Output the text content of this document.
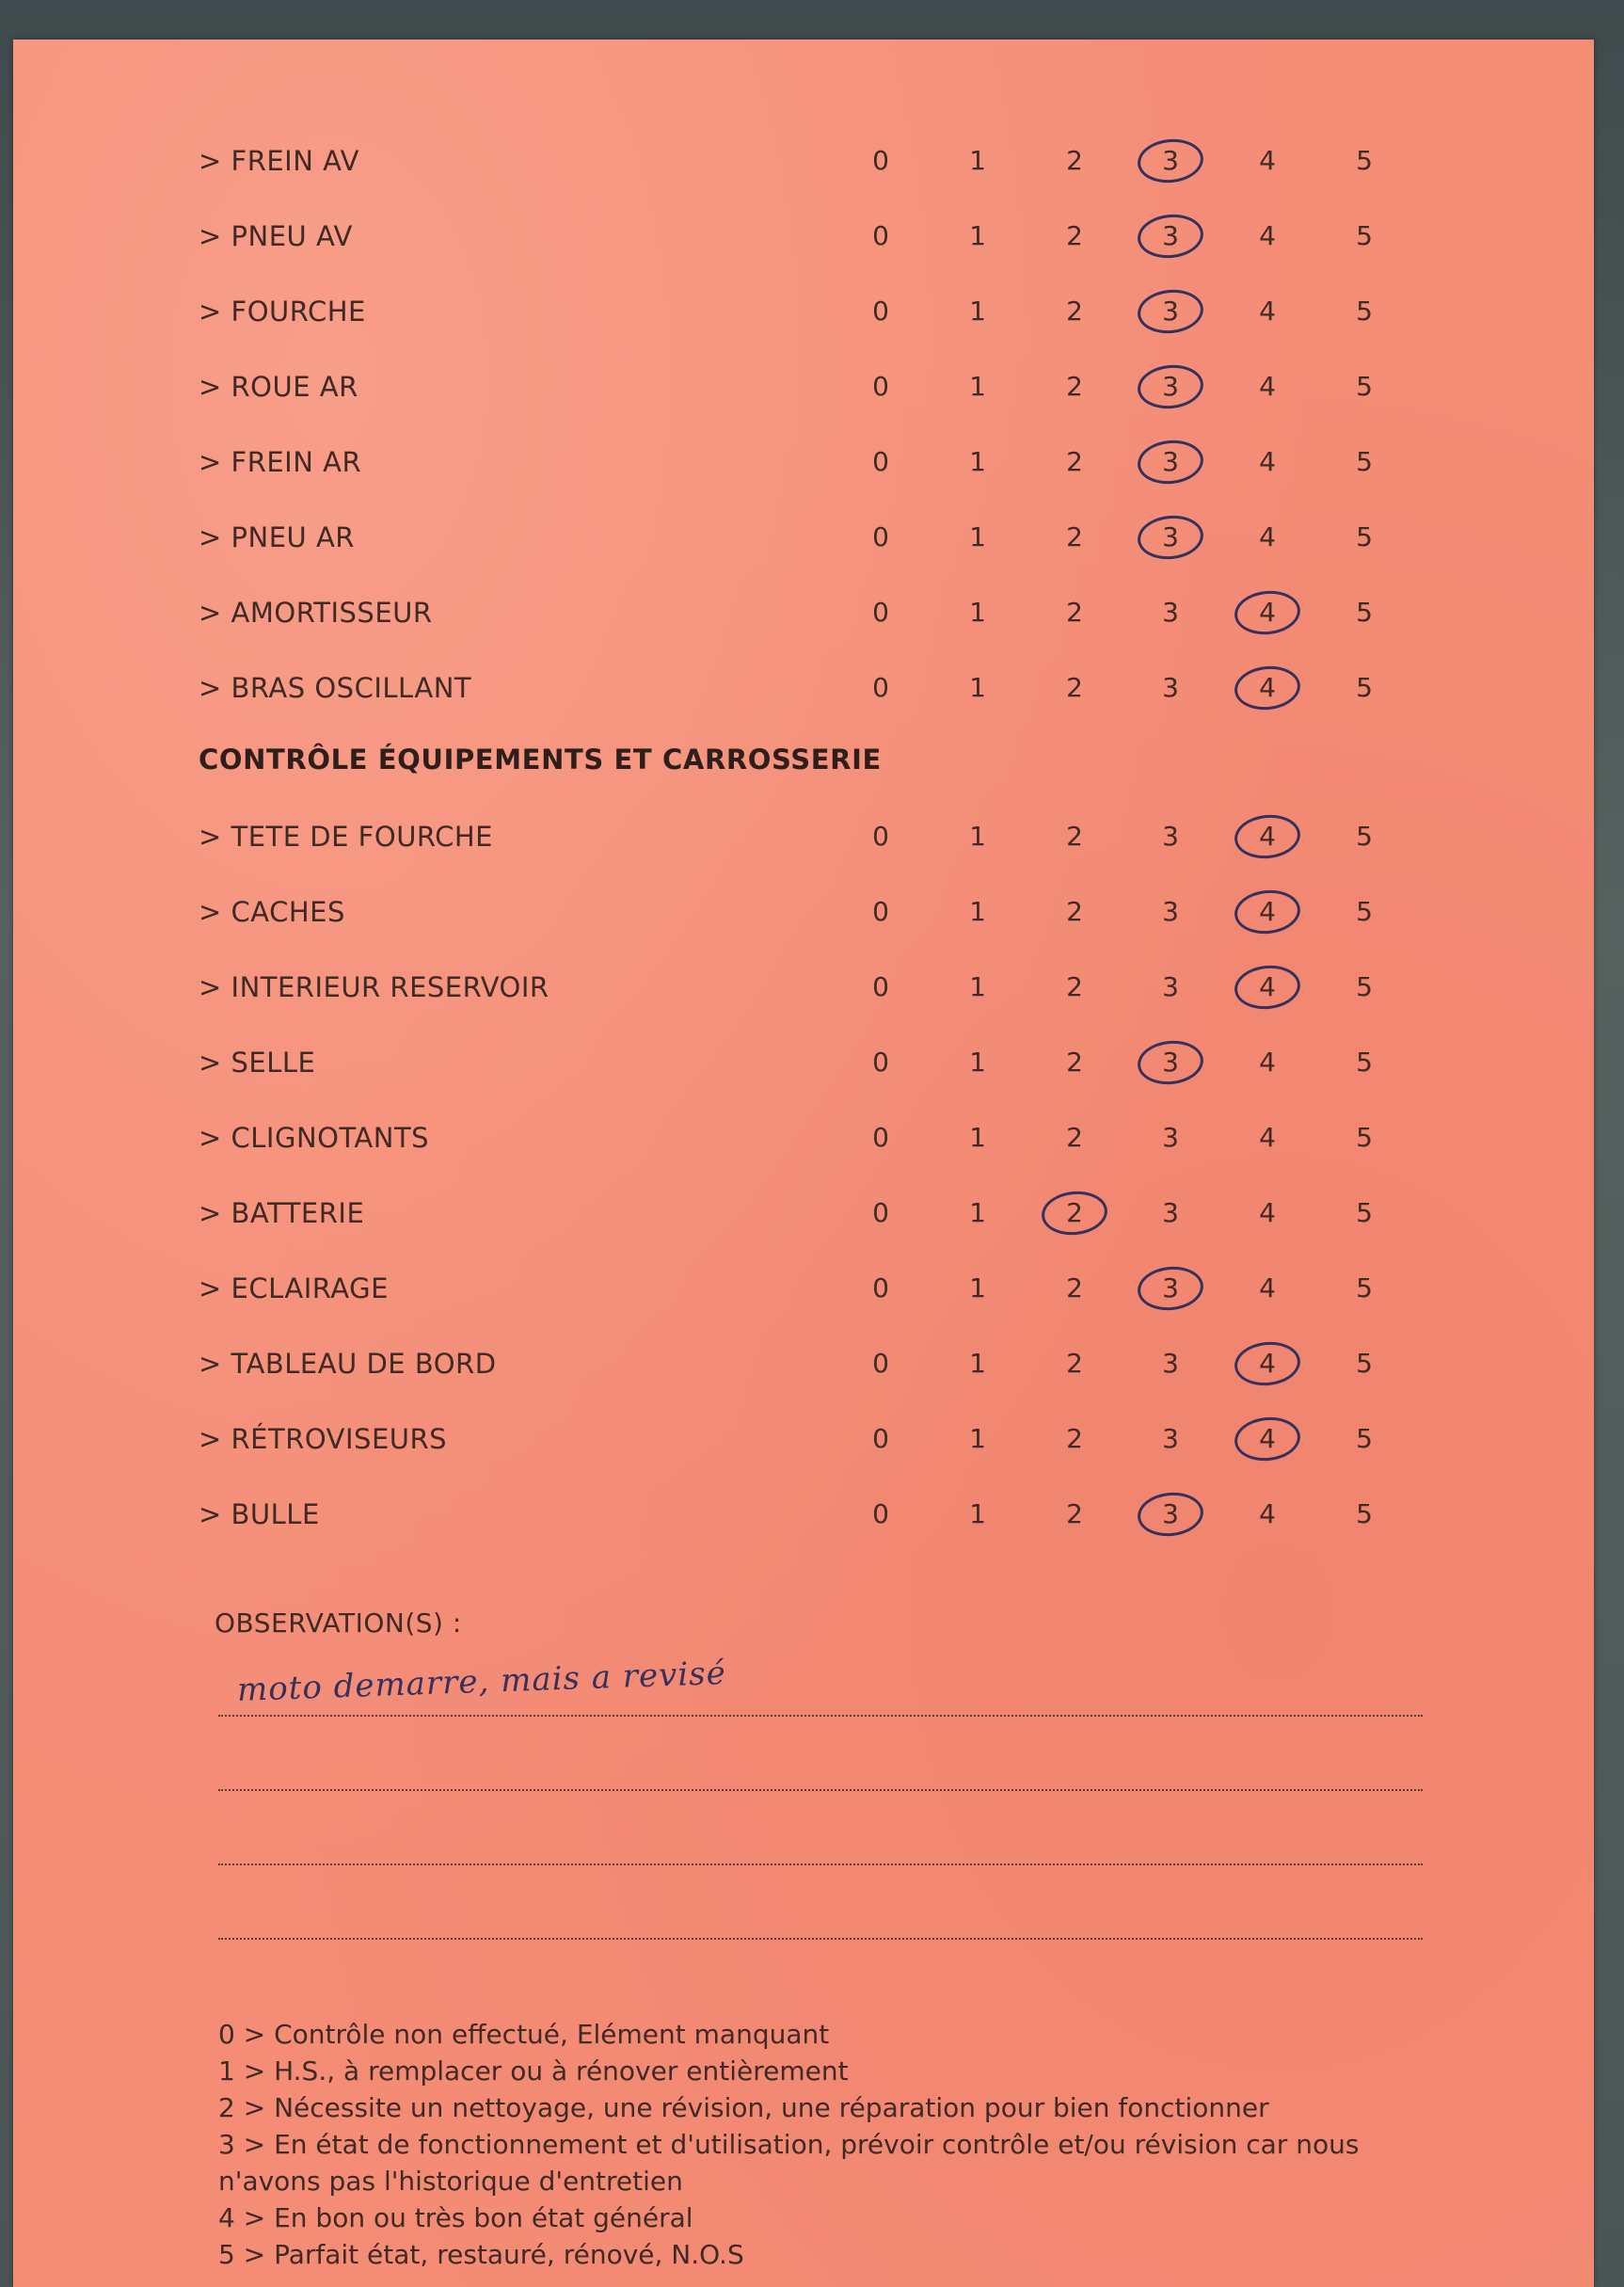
> FREIN AV	0	1	2	3	4	5
> PNEU AV	0	1	2	3	4	5
> FOURCHE	0	1	2	3	4	5
> ROUE AR	0	1	2	3	4	5
> FREIN AR	0	1	2	3	4	5
> PNEU AR	0	1	2	3	4	5
> AMORTISSEUR	0	1	2	3	4	5
> BRAS OSCILLANT	0	1	2	3	4	5
> TETE DE FOURCHE	0	1	2	3	4	5
> CACHES	0	1	2	3	4	5
> INTERIEUR RESERVOIR	0	1	2	3	4	5
> SELLE	0	1	2	3	4	5
> CLIGNOTANTS	0	1	2	3	4	5
> BATTERIE	0	1	2	3	4	5
> ECLAIRAGE	0	1	2	3	4	5
> TABLEAU DE BORD	0	1	2	3	4	5
> RÉTROVISEURS	0	1	2	3	4	5
> BULLE	0	1	2	3	4	5
CONTRÔLE ÉQUIPEMENTS ET CARROSSERIE
OBSERVATION(S) :
moto demarre, mais a revisé
0 > Contrôle non effectué, Elément manquant
1 > H.S., à remplacer ou à rénover entièrement
2 > Nécessite un nettoyage, une révision, une réparation pour bien fonctionner
3 > En état de fonctionnement et d'utilisation, prévoir contrôle et/ou révision car nous
n'avons pas l'historique d'entretien
4 > En bon ou très bon état général
5 > Parfait état, restauré, rénové, N.O.S
